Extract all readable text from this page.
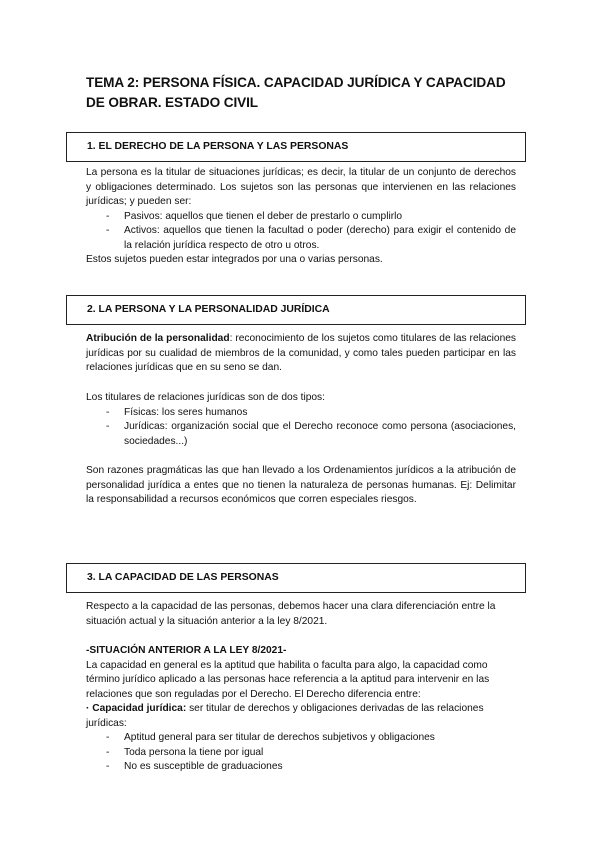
TEMA 2: PERSONA FÍSICA. CAPACIDAD JURÍDICA Y CAPACIDAD DE OBRAR. ESTADO CIVIL
1. EL DERECHO DE LA PERSONA Y LAS PERSONAS

La persona es la titular de situaciones jurídicas; es decir, la titular de un conjunto de derechos y obligaciones determinado. Los sujetos son las personas que intervienen en las relaciones jurídicas; y pueden ser:

- Pasivos: aquellos que tienen el deber de prestarlo o cumplirlo
- Activos: aquellos que tienen la facultad o poder (derecho) para exigir el contenido de la relación jurídica respecto de otro u otros.

Estos sujetos pueden estar integrados por una o varias personas.

2. LA PERSONA Y LA PERSONALIDAD JURÍDICA

Atribución de la personalidad: reconocimiento de los sujetos como titulares de las relaciones jurídicas por su cualidad de miembros de la comunidad, y como tales pueden participar en las relaciones jurídicas que en su seno se dan.

Los titulares de relaciones jurídicas son de dos tipos:

- Físicas: los seres humanos
- Jurídicas: organización social que el Derecho reconoce como persona (asociaciones, sociedades...)

Son razones pragmáticas las que han llevado a los Ordenamientos jurídicos a la atribución de personalidad jurídica a entes que no tienen la naturaleza de personas humanas. Ej: Delimitar la responsabilidad a recursos económicos que corren especiales riesgos.

3. LA CAPACIDAD DE LAS PERSONAS

Respecto a la capacidad de las personas, debemos hacer una clara diferenciación entre la situación actual y la situación anterior a la ley 8/2021.

-SITUACIÓN ANTERIOR A LA LEY 8/2021-

La capacidad en general es la aptitud que habilita o faculta para algo, la capacidad como término jurídico aplicado a las personas hace referencia a la aptitud para intervenir en las relaciones que son reguladas por el Derecho. El Derecho diferencia entre:

· Capacidad jurídica: ser titular de derechos y obligaciones derivadas de las relaciones jurídicas:

- Aptitud general para ser titular de derechos subjetivos y obligaciones
- Toda persona la tiene por igual
- No es susceptible de graduaciones
